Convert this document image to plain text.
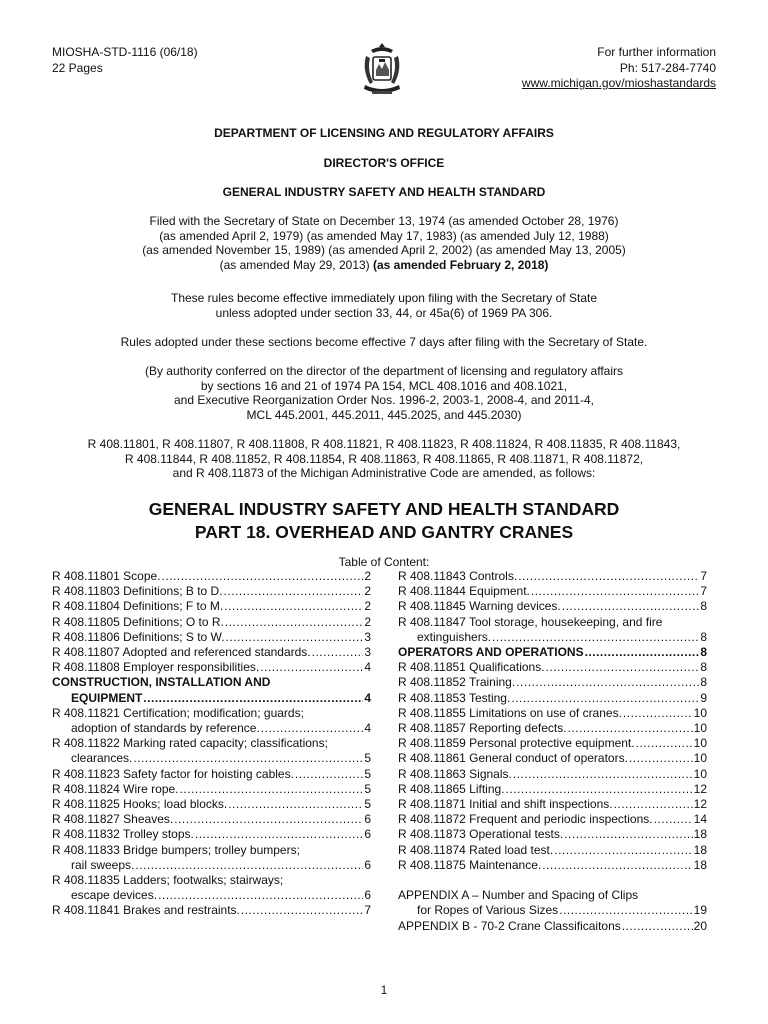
MIOSHA-STD-1116 (06/18)
22 Pages
For further information
Ph: 517-284-7740
www.michigan.gov/mioshastandards
DEPARTMENT OF LICENSING AND REGULATORY AFFAIRS
DIRECTOR'S OFFICE
GENERAL INDUSTRY SAFETY AND HEALTH STANDARD
Filed with the Secretary of State on December 13, 1974 (as amended October 28, 1976)
(as amended April 2, 1979) (as amended May 17, 1983) (as amended July 12, 1988)
(as amended November 15, 1989) (as amended April 2, 2002) (as amended May 13, 2005)
(as amended May 29, 2013) (as amended February 2, 2018)
These rules become effective immediately upon filing with the Secretary of State
unless adopted under section 33, 44, or 45a(6) of 1969 PA 306.
Rules adopted under these sections become effective 7 days after filing with the Secretary of State.
(By authority conferred on the director of the department of licensing and regulatory affairs
by sections 16 and 21 of 1974 PA 154, MCL 408.1016 and 408.1021,
and Executive Reorganization Order Nos. 1996-2, 2003-1, 2008-4, and 2011-4,
MCL 445.2001, 445.2011, 445.2025, and 445.2030)
R 408.11801, R 408.11807, R 408.11808, R 408.11821, R 408.11823, R 408.11824, R 408.11835, R 408.11843,
R 408.11844, R 408.11852, R 408.11854, R 408.11863, R 408.11865, R 408.11871, R 408.11872,
and R 408.11873 of the Michigan Administrative Code are amended, as follows:
GENERAL INDUSTRY SAFETY AND HEALTH STANDARD
PART 18. OVERHEAD AND GANTRY CRANES
Table of Content:
R 408.11801 Scope. .....	2
R 408.11803 Definitions; B to D. .....	2
R 408.11804 Definitions; F to M. .....	2
R 408.11805 Definitions; O to R. .....	2
R 408.11806 Definitions; S to W. .....	3
R 408.11807 Adopted and referenced standards. .....	3
R 408.11808 Employer responsibilities. .....	4
CONSTRUCTION, INSTALLATION AND
EQUIPMENT .....	4
R 408.11821 Certification; modification; guards;
adoption of standards by reference. .....	4
R 408.11822 Marking rated capacity; classifications;
clearances. .....	5
R 408.11823 Safety factor for hoisting cables. .....	5
R 408.11824 Wire rope. .....	5
R 408.11825 Hooks; load blocks. .....	5
R 408.11827 Sheaves. .....	6
R 408.11832 Trolley stops. .....	6
R 408.11833 Bridge bumpers; trolley bumpers;
rail sweeps. .....	6
R 408.11835 Ladders; footwalks; stairways;
escape devices. .....	6
R 408.11841 Brakes and restraints. .....	7
R 408.11843 Controls. .....	7
R 408.11844 Equipment. .....	7
R 408.11845 Warning devices. .....	8
R 408.11847 Tool storage, housekeeping, and fire
extinguishers. .....	8
OPERATORS AND OPERATIONS .....	8
R 408.11851 Qualifications. .....	8
R 408.11852 Training. .....	8
R 408.11853 Testing. .....	9
R 408.11855 Limitations on use of cranes. .....	10
R 408.11857 Reporting defects. .....	10
R 408.11859 Personal protective equipment. .....	10
R 408.11861 General conduct of operators. .....	10
R 408.11863 Signals. .....	10
R 408.11865 Lifting. .....	12
R 408.11871 Initial and shift inspections. .....	12
R 408.11872 Frequent and periodic inspections. .....	14
R 408.11873 Operational tests. .....	18
R 408.11874 Rated load test. .....	18
R 408.11875 Maintenance. .....	18
APPENDIX A – Number and Spacing of Clips
for Ropes of Various Sizes .....	19
APPENDIX B - 70-2 Crane Classificaitons .....	20
1
